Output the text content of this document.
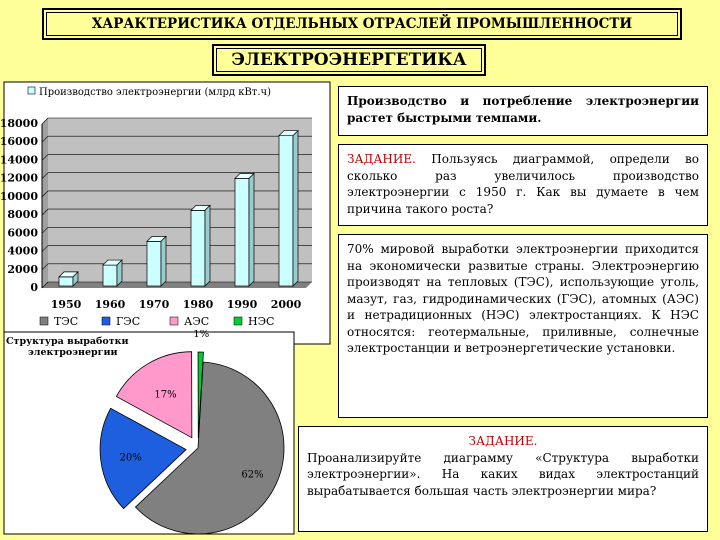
ХАРАКТЕРИСТИКА ОТДЕЛЬНЫХ ОТРАСЛЕЙ ПРОМЫШЛЕННОСТИ
ЭЛЕКТРОЭНЕРГЕТИКА
Производство электроэнергии (млрд кВт.ч)
0
2000
4000
6000
8000
10000
12000
14000
16000
18000
1950 1960 1970 1980 1990 2000
ТЭС	ГЭС	АЭС	НЭС
Структура выработки
электроэнергии
62%
20%
17%
1%
Производство и потребление электроэнергии растет быстрыми темпами.
ЗАДАНИЕ. Пользуясь диаграммой, определи во сколько раз увеличилось производство электроэнергии с 1950 г. Как вы думаете в чем причина такого роста?
70% мировой выработки электроэнергии приходится на экономически развитые страны. Электроэнергию производят на тепловых (ТЭС), использующие уголь, мазут, газ, гидродинамических (ГЭС), атомных (АЭС) и нетрадиционных (НЭС) электростанциях. К НЭС относятся: геотермальные, приливные, солнечные электростанции и ветроэнергетические установки.
ЗАДАНИЕ.
Проанализируйте диаграмму «Структура выработки электроэнергии». На каких видах электростанций вырабатывается большая часть электроэнергии мира?
